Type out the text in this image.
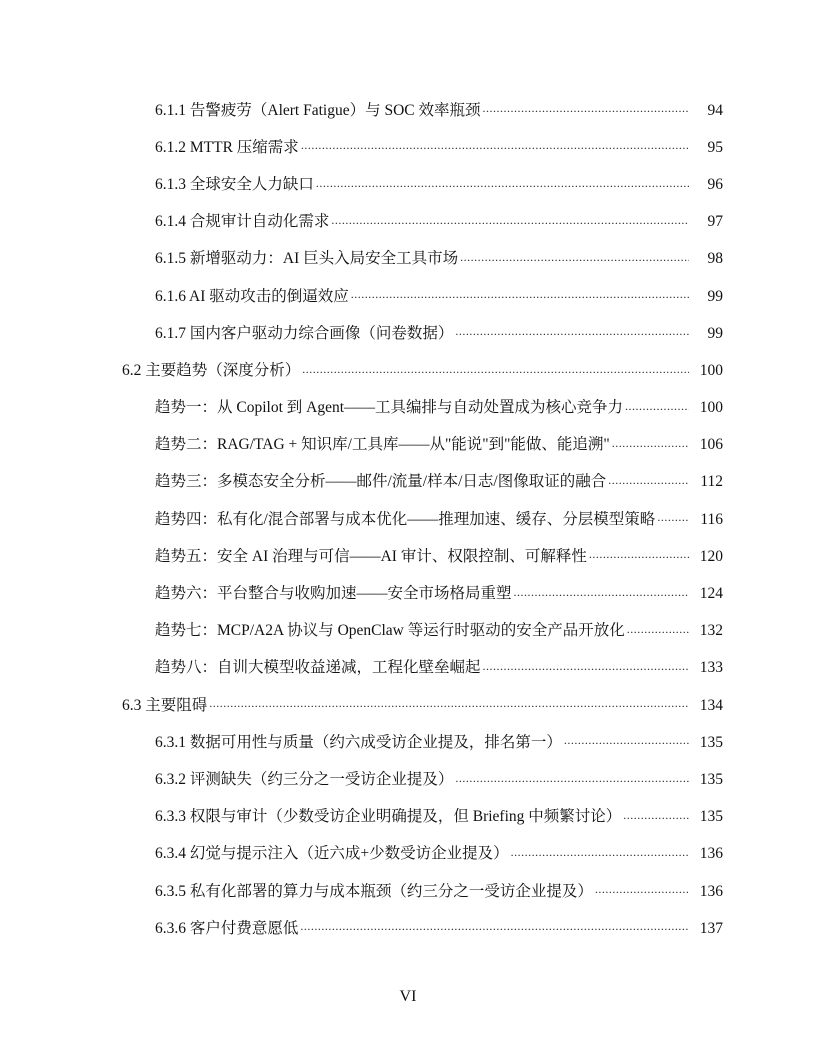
6.1.1 告警疲劳（Alert Fatigue）与 SOC 效率瓶颈 .....	94
6.1.2 MTTR 压缩需求 .....	95
6.1.3 全球安全人力缺口 .....	96
6.1.4 合规审计自动化需求 .....	97
6.1.5 新增驱动力：AI 巨头入局安全工具市场 .....	98
6.1.6 AI 驱动攻击的倒逼效应 .....	99
6.1.7 国内客户驱动力综合画像（问卷数据） .....	99
6.2 主要趋势（深度分析） .....	100
趋势一：从 Copilot 到 Agent——工具编排与自动处置成为核心竞争力 .....	100
趋势二：RAG/TAG + 知识库/工具库——从"能说"到"能做、能追溯" .....	106
趋势三：多模态安全分析——邮件/流量/样本/日志/图像取证的融合 .....	112
趋势四：私有化/混合部署与成本优化——推理加速、缓存、分层模型策略 .....	116
趋势五：安全 AI 治理与可信——AI 审计、权限控制、可解释性 .....	120
趋势六：平台整合与收购加速——安全市场格局重塑 .....	124
趋势七：MCP/A2A 协议与 OpenClaw 等运行时驱动的安全产品开放化 .....	132
趋势八：自训大模型收益递减，工程化壁垒崛起 .....	133
6.3 主要阻碍 .....	134
6.3.1 数据可用性与质量（约六成受访企业提及，排名第一） .....	135
6.3.2 评测缺失（约三分之一受访企业提及） .....	135
6.3.3 权限与审计（少数受访企业明确提及，但 Briefing 中频繁讨论） .....	135
6.3.4 幻觉与提示注入（近六成+少数受访企业提及） .....	136
6.3.5 私有化部署的算力与成本瓶颈（约三分之一受访企业提及） .....	136
6.3.6 客户付费意愿低 .....	137
VI
